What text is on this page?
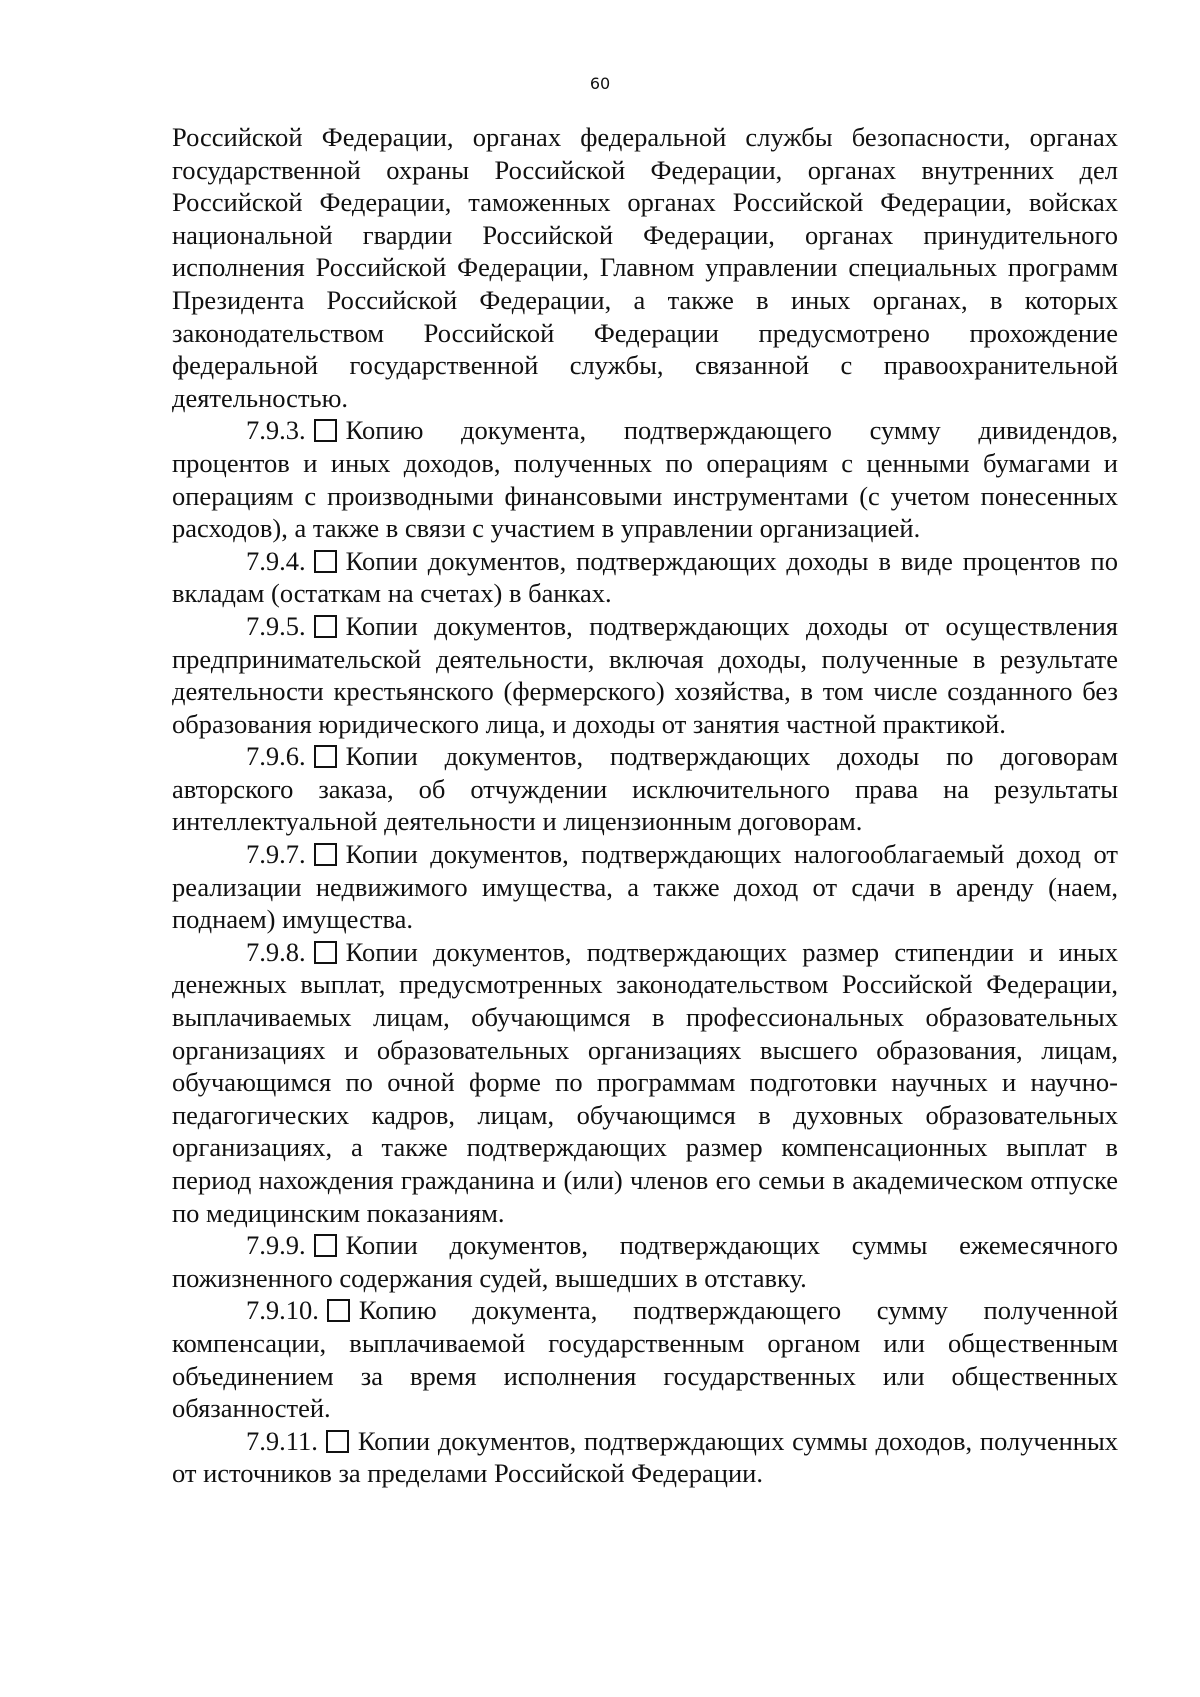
60

Российской Федерации, органах федеральной службы безопасности, органах государственной охраны Российской Федерации, органах внутренних дел Российской Федерации, таможенных органах Российской Федерации, войсках национальной гвардии Российской Федерации, органах принудительного исполнения Российской Федерации, Главном управлении специальных программ Президента Российской Федерации, а также в иных органах, в которых законодательством Российской Федерации предусмотрено прохождение федеральной государственной службы, связанной с правоохранительной деятельностью.

7.9.3. Копию документа, подтверждающего сумму дивидендов, процентов и иных доходов, полученных по операциям с ценными бумагами и операциям с производными финансовыми инструментами (с учетом понесенных расходов), а также в связи с участием в управлении организацией.

7.9.4. Копии документов, подтверждающих доходы в виде процентов по вкладам (остаткам на счетах) в банках.

7.9.5. Копии документов, подтверждающих доходы от осуществления предпринимательской деятельности, включая доходы, полученные в результате деятельности крестьянского (фермерского) хозяйства, в том числе созданного без образования юридического лица, и доходы от занятия частной практикой.

7.9.6. Копии документов, подтверждающих доходы по договорам авторского заказа, об отчуждении исключительного права на результаты интеллектуальной деятельности и лицензионным договорам.

7.9.7. Копии документов, подтверждающих налогооблагаемый доход от реализации недвижимого имущества, а также доход от сдачи в аренду (наем, поднаем) имущества.

7.9.8. Копии документов, подтверждающих размер стипендии и иных денежных выплат, предусмотренных законодательством Российской Федерации, выплачиваемых лицам, обучающимся в профессиональных образовательных организациях и образовательных организациях высшего образования, лицам, обучающимся по очной форме по программам подготовки научных и научно-педагогических кадров, лицам, обучающимся в духовных образовательных организациях, а также подтверждающих размер компенсационных выплат в период нахождения гражданина и (или) членов его семьи в академическом отпуске по медицинским показаниям.

7.9.9. Копии документов, подтверждающих суммы ежемесячного пожизненного содержания судей, вышедших в отставку.

7.9.10. Копию документа, подтверждающего сумму полученной компенсации, выплачиваемой государственным органом или общественным объединением за время исполнения государственных или общественных обязанностей.

7.9.11. Копии документов, подтверждающих суммы доходов, полученных от источников за пределами Российской Федерации.
